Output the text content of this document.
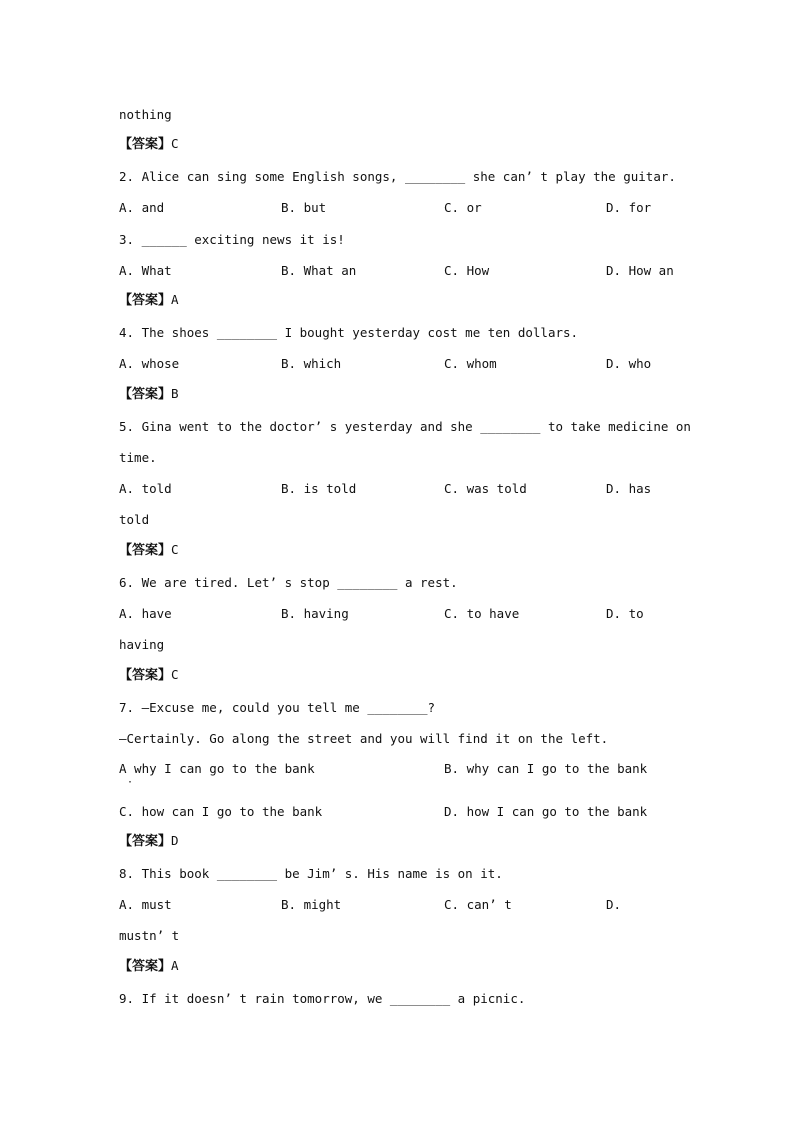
nothing
【答案】C
2. Alice can sing some English songs, ________ she can’ t play the guitar.
A. and	B. but	C. or	D. for
3. ______ exciting news it is!
A. What	B. What an	C. How	D. How an
【答案】A
4. The shoes ________ I bought yesterday cost me ten dollars.
A. whose	B. which	C. whom	D. who
【答案】B
5. Gina went to the doctor’ s yesterday and she ________ to take medicine on
time.
A. told	B. is told	C. was told	D. has
told
【答案】C
6. We are tired. Let’ s stop ________ a rest.
A. have	B. having	C. to have	D. to
having
【答案】C
7. —Excuse me, could you tell me ________?
—Certainly. Go along the street and you will find it on the left.
A why I can go to the bank	B. why can I go to the bank
·
C. how can I go to the bank	D. how I can go to the bank
【答案】D
8. This book ________ be Jim’ s. His name is on it.
A. must	B. might	C. can’ t	D.
mustn’ t
【答案】A
9. If it doesn’ t rain tomorrow, we ________ a picnic.
